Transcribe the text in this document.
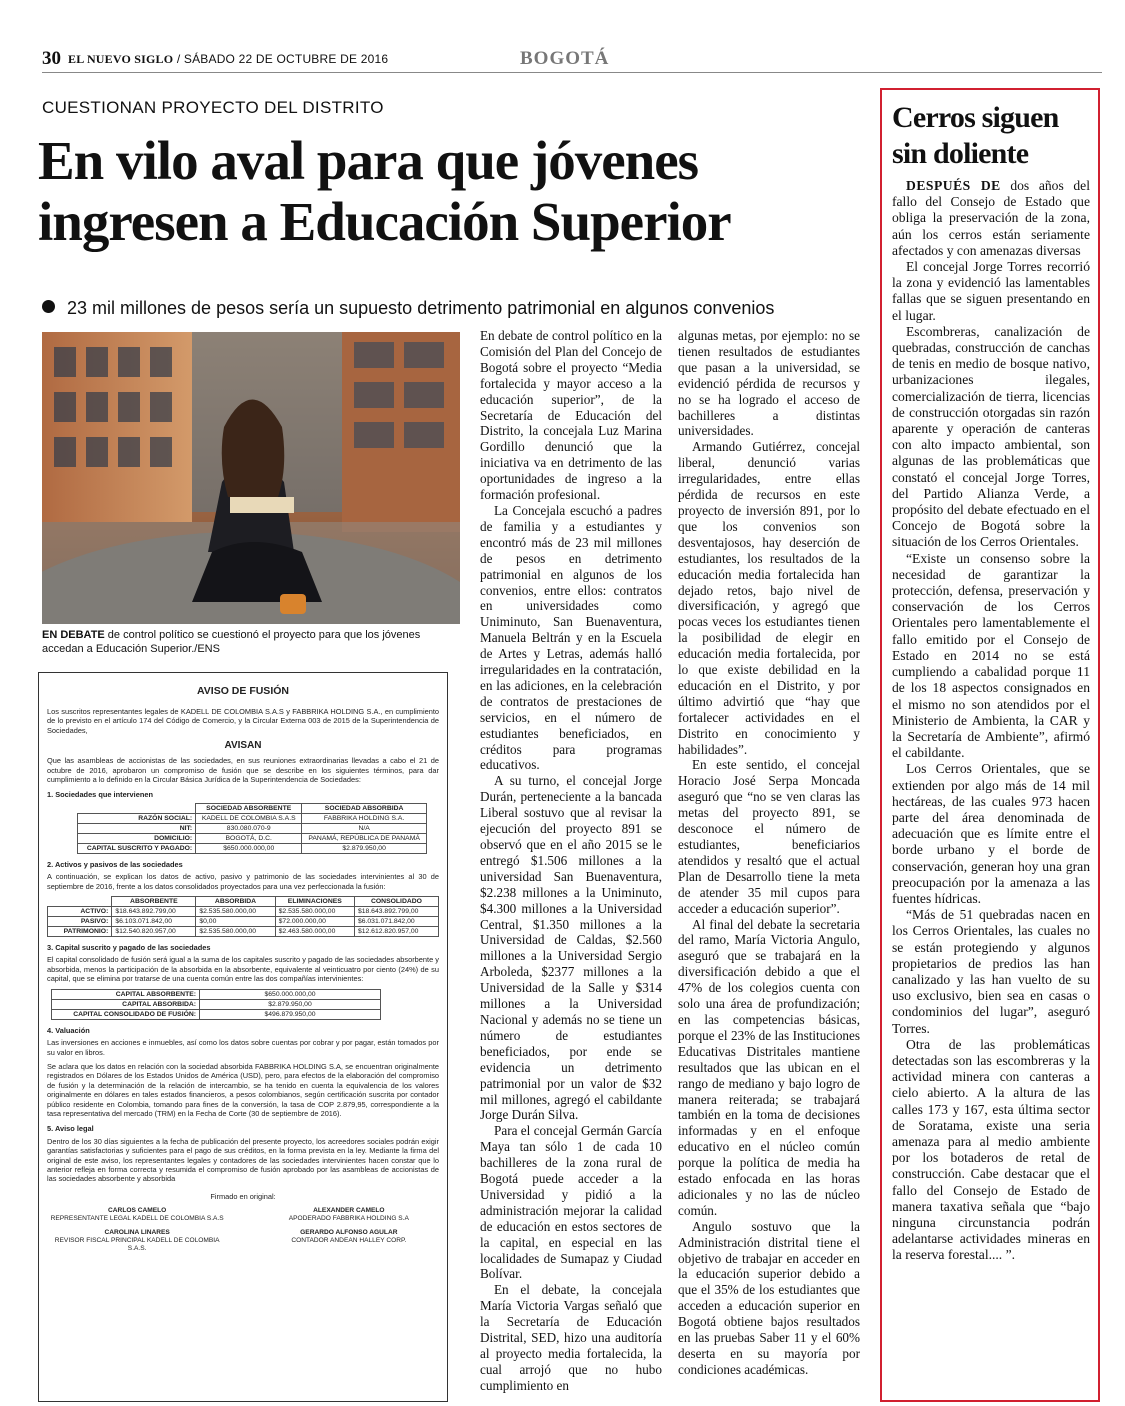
30 EL NUEVO SIGLO / SÁBADO 22 DE OCTUBRE DE 2016	BOGOTÁ
CUESTIONAN PROYECTO DEL DISTRITO
En vilo aval para que jóvenes ingresen a Educación Superior
23 mil millones de pesos sería un supuesto detrimento patrimonial en algunos convenios
EN DEBATE de control político se cuestionó el proyecto para que los jóvenes accedan a Educación Superior./ENS
AVISO DE FUSIÓN

Los suscritos representantes legales de KADELL DE COLOMBIA S.A.S y FABBRIKA HOLDING S.A., en cumplimiento de lo previsto en el artículo 174 del Código de Comercio, y la Circular Externa 003 de 2015 de la Superintendencia de Sociedades,

AVISAN

Que las asambleas de accionistas de las sociedades, en sus reuniones extraordinarias llevadas a cabo el 21 de octubre de 2016, aprobaron un compromiso de fusión que se describe en los siguientes términos, para dar cumplimiento a lo definido en la Circular Básica Jurídica de la Superintendencia de Sociedades:

1. Sociedades que intervienen
	SOCIEDAD ABSORBENTE	SOCIEDAD ABSORBIDA
RAZÓN SOCIAL:	KADELL DE COLOMBIA S.A.S	FABBRIKA HOLDING S.A.
NIT:	830.080.070-9	N/A
DOMICILIO:	BOGOTÁ, D.C.	PANAMÁ, REPÚBLICA DE PANAMÁ
CAPITAL SUSCRITO Y PAGADO:	$650.000.000,00	$2.879.950,00
2. Activos y pasivos de las sociedades

A continuación, se explican los datos de activo, pasivo y patrimonio de las sociedades intervinientes al 30 de septiembre de 2016, frente a los datos consolidados proyectados para una vez perfeccionada la fusión:

	ABSORBENTE	ABSORBIDA	ELIMINACIONES	CONSOLIDADO
ACTIVO:	$18.643.892.799,00	$2.535.580.000,00	$2.535.580.000,00	$18.643.892.799,00
PASIVO:	$6.103.071.842,00	$0,00	$72.000.000,00	$6.031.071.842,00
PATRIMONIO:	$12.540.820.957,00	$2.535.580.000,00	$2.463.580.000,00	$12.612.820.957,00
3. Capital suscrito y pagado de las sociedades

El capital consolidado de fusión será igual a la suma de los capitales suscrito y pagado de las sociedades absorbente y absorbida, menos la participación de la absorbida en la absorbente, equivalente al veinticuatro por ciento (24%) de su capital, que se elimina por tratarse de una cuenta común entre las dos compañías intervinientes:

CAPITAL ABSORBENTE:	$650.000.000,00
CAPITAL ABSORBIDA:	$2.879.950,00
CAPITAL CONSOLIDADO DE FUSIÓN:	$496.879.950,00
4. Valuación

Las inversiones en acciones e inmuebles, así como los datos sobre cuentas por cobrar y por pagar, están tomados por su valor en libros.

Se aclara que los datos en relación con la sociedad absorbida FABBRIKA HOLDING S.A, se encuentran originalmente registrados en Dólares de los Estados Unidos de América (USD), pero, para efectos de la elaboración del compromiso de fusión y la determinación de la relación de intercambio, se ha tenido en cuenta la equivalencia de los valores originalmente en dólares en tales estados financieros, a pesos colombianos, según certificación suscrita por contador público residente en Colombia, tomando para fines de la conversión, la tasa de COP 2.879,95, correspondiente a la tasa representativa del mercado (TRM) en la Fecha de Corte (30 de septiembre de 2016).

5. Aviso legal

Dentro de los 30 días siguientes a la fecha de publicación del presente proyecto, los acreedores sociales podrán exigir garantías satisfactorias y suficientes para el pago de sus créditos, en la forma prevista en la ley. Mediante la firma del original de este aviso, los representantes legales y contadores de las sociedades intervinientes hacen constar que lo anterior refleja en forma correcta y resumida el compromiso de fusión aprobado por las asambleas de accionistas de las sociedades absorbente y absorbida

Firmado en original:

CARLOS CAMELO
REPRESENTANTE LEGAL KADELL DE COLOMBIA S.A.S
ALEXANDER CAMELO
APODERADO FABBRIKA HOLDING S.A
CAROLINA LINARES
REVISOR FISCAL PRINCIPAL KADELL DE COLOMBIA S.A.S.
GERARDO ALFONSO AGULAR
CONTADOR ANDEAN HALLEY CORP.

En debate de control político en la Comisión del Plan del Concejo de Bogotá sobre el proyecto “Media fortalecida y mayor acceso a la educación superior”, de la Secretaría de Educación del Distrito, la concejala Luz Marina Gordillo denunció que la iniciativa va en detrimento de las oportunidades de ingreso a la formación profesional.

La Concejala escuchó a padres de familia y a estudiantes y encontró más de 23 mil millones de pesos en detrimento patrimonial en algunos de los convenios, entre ellos: contratos en universidades como Uniminuto, San Buenaventura, Manuela Beltrán y en la Escuela de Artes y Letras, además halló irregularidades en la contratación, en las adiciones, en la celebración de contratos de prestaciones de servicios, en el número de estudiantes beneficiados, en créditos para programas educativos.

A su turno, el concejal Jorge Durán, perteneciente a la bancada Liberal sostuvo que al revisar la ejecución del proyecto 891 se observó que en el año 2015 se le entregó $1.506 millones a la universidad San Buenaventura, $2.238 millones a la Uniminuto, $4.300 millones a la Universidad Central, $1.350 millones a la Universidad de Caldas, $2.560 millones a la Universidad Sergio Arboleda, $2377 millones a la Universidad de la Salle y $314 millones a la Universidad Nacional y además no se tiene un número de estudiantes beneficiados, por ende se evidencia un detrimento patrimonial por un valor de $32 mil millones, agregó el cabildante Jorge Durán Silva.

Para el concejal Germán García Maya tan sólo 1 de cada 10 bachilleres de la zona rural de Bogotá puede acceder a la Universidad y pidió a la administración mejorar la calidad de educación en estos sectores de la capital, en especial en las localidades de Sumapaz y Ciudad Bolívar.

En el debate, la concejala María Victoria Vargas señaló que la Secretaría de Educación Distrital, SED, hizo una auditoría al proyecto media fortalecida, la cual arrojó que no hubo cumplimiento en

algunas metas, por ejemplo: no se tienen resultados de estudiantes que pasan a la universidad, se evidenció pérdida de recursos y no se ha logrado el acceso de bachilleres a distintas universidades.

Armando Gutiérrez, concejal liberal, denunció varias irregularidades, entre ellas pérdida de recursos en este proyecto de inversión 891, por lo que los convenios son desventajosos, hay deserción de estudiantes, los resultados de la educación media fortalecida han dejado retos, bajo nivel de diversificación, y agregó que pocas veces los estudiantes tienen la posibilidad de elegir en educación media fortalecida, por lo que existe debilidad en la educación en el Distrito, y por último advirtió que “hay que fortalecer actividades en el Distrito en conocimiento y habilidades”.

En este sentido, el concejal Horacio José Serpa Moncada aseguró que “no se ven claras las metas del proyecto 891, se desconoce el número de estudiantes, beneficiarios atendidos y resaltó que el actual Plan de Desarrollo tiene la meta de atender 35 mil cupos para acceder a educación superior”.

Al final del debate la secretaria del ramo, María Victoria Angulo, aseguró que se trabajará en la diversificación debido a que el 47% de los colegios cuenta con solo una área de profundización; en las competencias básicas, porque el 23% de las Instituciones Educativas Distritales mantiene resultados que las ubican en el rango de mediano y bajo logro de manera reiterada; se trabajará también en la toma de decisiones informadas y en el enfoque educativo en el núcleo común porque la política de media ha estado enfocada en las horas adicionales y no las de núcleo común.

Angulo sostuvo que la Administración distrital tiene el objetivo de trabajar en acceder en la educación superior debido a que el 35% de los estudiantes que acceden a educación superior en Bogotá obtiene bajos resultados en las pruebas Saber 11 y el 60% deserta en su mayoría por condiciones académicas.

Cerros siguen sin doliente

DESPUÉS DE dos años del fallo del Consejo de Estado que obliga la preservación de la zona, aún los cerros están seriamente afectados y con amenazas diversas

El concejal Jorge Torres recorrió la zona y evidenció las lamentables fallas que se siguen presentando en el lugar.

Escombreras, canalización de quebradas, construcción de canchas de tenis en medio de bosque nativo, urbanizaciones ilegales, comercialización de tierra, licencias de construcción otorgadas sin razón aparente y operación de canteras con alto impacto ambiental, son algunas de las problemáticas que constató el concejal Jorge Torres, del Partido Alianza Verde, a propósito del debate efectuado en el Concejo de Bogotá sobre la situación de los Cerros Orientales.

“Existe un consenso sobre la necesidad de garantizar la protección, defensa, preservación y conservación de los Cerros Orientales pero lamentablemente el fallo emitido por el Consejo de Estado en 2014 no se está cumpliendo a cabalidad porque 11 de los 18 aspectos consignados en el mismo no son atendidos por el Ministerio de Ambienta, la CAR y la Secretaría de Ambiente”, afirmó el cabildante.

Los Cerros Orientales, que se extienden por algo más de 14 mil hectáreas, de las cuales 973 hacen parte del área denominada de adecuación que es límite entre el borde urbano y el borde de conservación, generan hoy una gran preocupación por la amenaza a las fuentes hídricas.

“Más de 51 quebradas nacen en los Cerros Orientales, las cuales no se están protegiendo y algunos propietarios de predios las han canalizado y las han vuelto de su uso exclusivo, bien sea en casas o condominios del lugar”, aseguró Torres.

Otra de las problemáticas detectadas son las escombreras y la actividad minera con canteras a cielo abierto. A la altura de las calles 173 y 167, esta última sector de Soratama, existe una seria amenaza para al medio ambiente por los botaderos de retal de construcción. Cabe destacar que el fallo del Consejo de Estado de manera taxativa señala que “bajo ninguna circunstancia podrán adelantarse actividades mineras en la reserva forestal.... ”.
